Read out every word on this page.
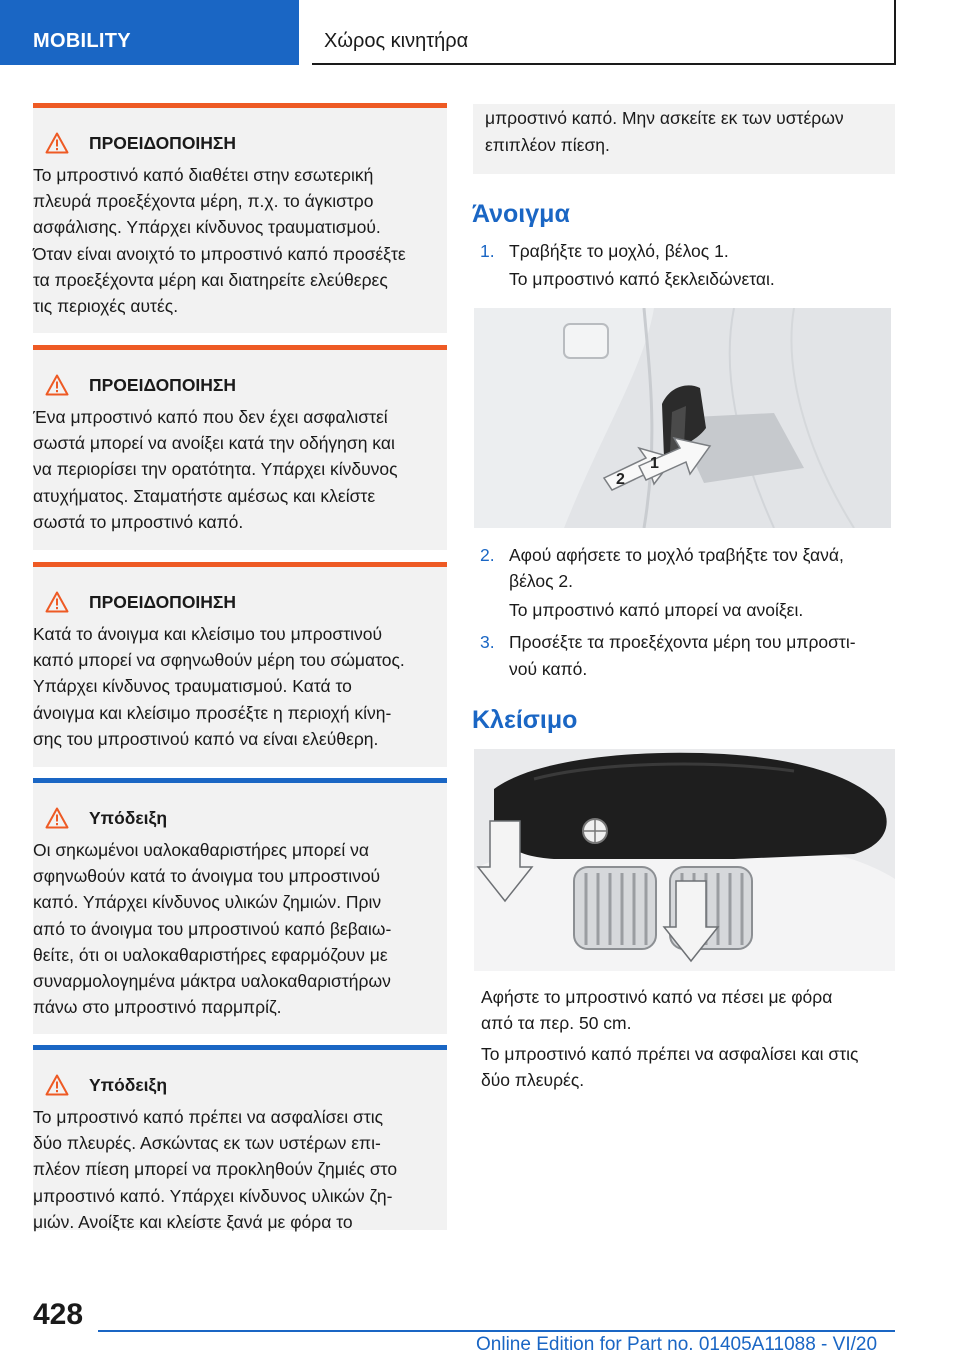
MOBILITY	Χώρος κινητήρα
ΠΡΟΕΙΔΟΠΟΙΗΣΗ
Το μπροστινό καπό διαθέτει στην εσωτερική
πλευρά προεξέχοντα μέρη, π.χ. το άγκιστρο
ασφάλισης. Υπάρχει κίνδυνος τραυματισμού.
Όταν είναι ανοιχτό το μπροστινό καπό προσέξτε
τα προεξέχοντα μέρη και διατηρείτε ελεύθερες
τις περιοχές αυτές.
ΠΡΟΕΙΔΟΠΟΙΗΣΗ
Ένα μπροστινό καπό που δεν έχει ασφαλιστεί
σωστά μπορεί να ανοίξει κατά την οδήγηση και
να περιορίσει την ορατότητα. Υπάρχει κίνδυνος
ατυχήματος. Σταματήστε αμέσως και κλείστε
σωστά το μπροστινό καπό.
ΠΡΟΕΙΔΟΠΟΙΗΣΗ
Κατά το άνοιγμα και κλείσιμο του μπροστινού
καπό μπορεί να σφηνωθούν μέρη του σώματος.
Υπάρχει κίνδυνος τραυματισμού. Κατά το
άνοιγμα και κλείσιμο προσέξτε η περιοχή κίνη-
σης του μπροστινού καπό να είναι ελεύθερη.
Υπόδειξη
Οι σηκωμένοι υαλοκαθαριστήρες μπορεί να
σφηνωθούν κατά το άνοιγμα του μπροστινού
καπό. Υπάρχει κίνδυνος υλικών ζημιών. Πριν
από το άνοιγμα του μπροστινού καπό βεβαιω-
θείτε, ότι οι υαλοκαθαριστήρες εφαρμόζουν με
συναρμολογημένα μάκτρα υαλοκαθαριστήρων
πάνω στο μπροστινό παρμπρίζ.
Υπόδειξη
Το μπροστινό καπό πρέπει να ασφαλίσει στις
δύο πλευρές. Ασκώντας εκ των υστέρων επι-
πλέον πίεση μπορεί να προκληθούν ζημιές στο
μπροστινό καπό. Υπάρχει κίνδυνος υλικών ζη-
μιών. Ανοίξτε και κλείστε ξανά με φόρα το
μπροστινό καπό. Μην ασκείτε εκ των υστέρων
επιπλέον πίεση.
Άνοιγμα
1. Τραβήξτε το μοχλό, βέλος 1.
Το μπροστινό καπό ξεκλειδώνεται.
2
1
2. Αφού αφήσετε το μοχλό τραβήξτε τον ξανά,
βέλος 2.
Το μπροστινό καπό μπορεί να ανοίξει.
3. Προσέξτε τα προεξέχοντα μέρη του μπροστι-
νού καπό.
Κλείσιμο
Αφήστε το μπροστινό καπό να πέσει με φόρα
από τα περ. 50 cm.
Το μπροστινό καπό πρέπει να ασφαλίσει και στις
δύο πλευρές.
428
Online Edition for Part no. 01405A11088 - VI/20
